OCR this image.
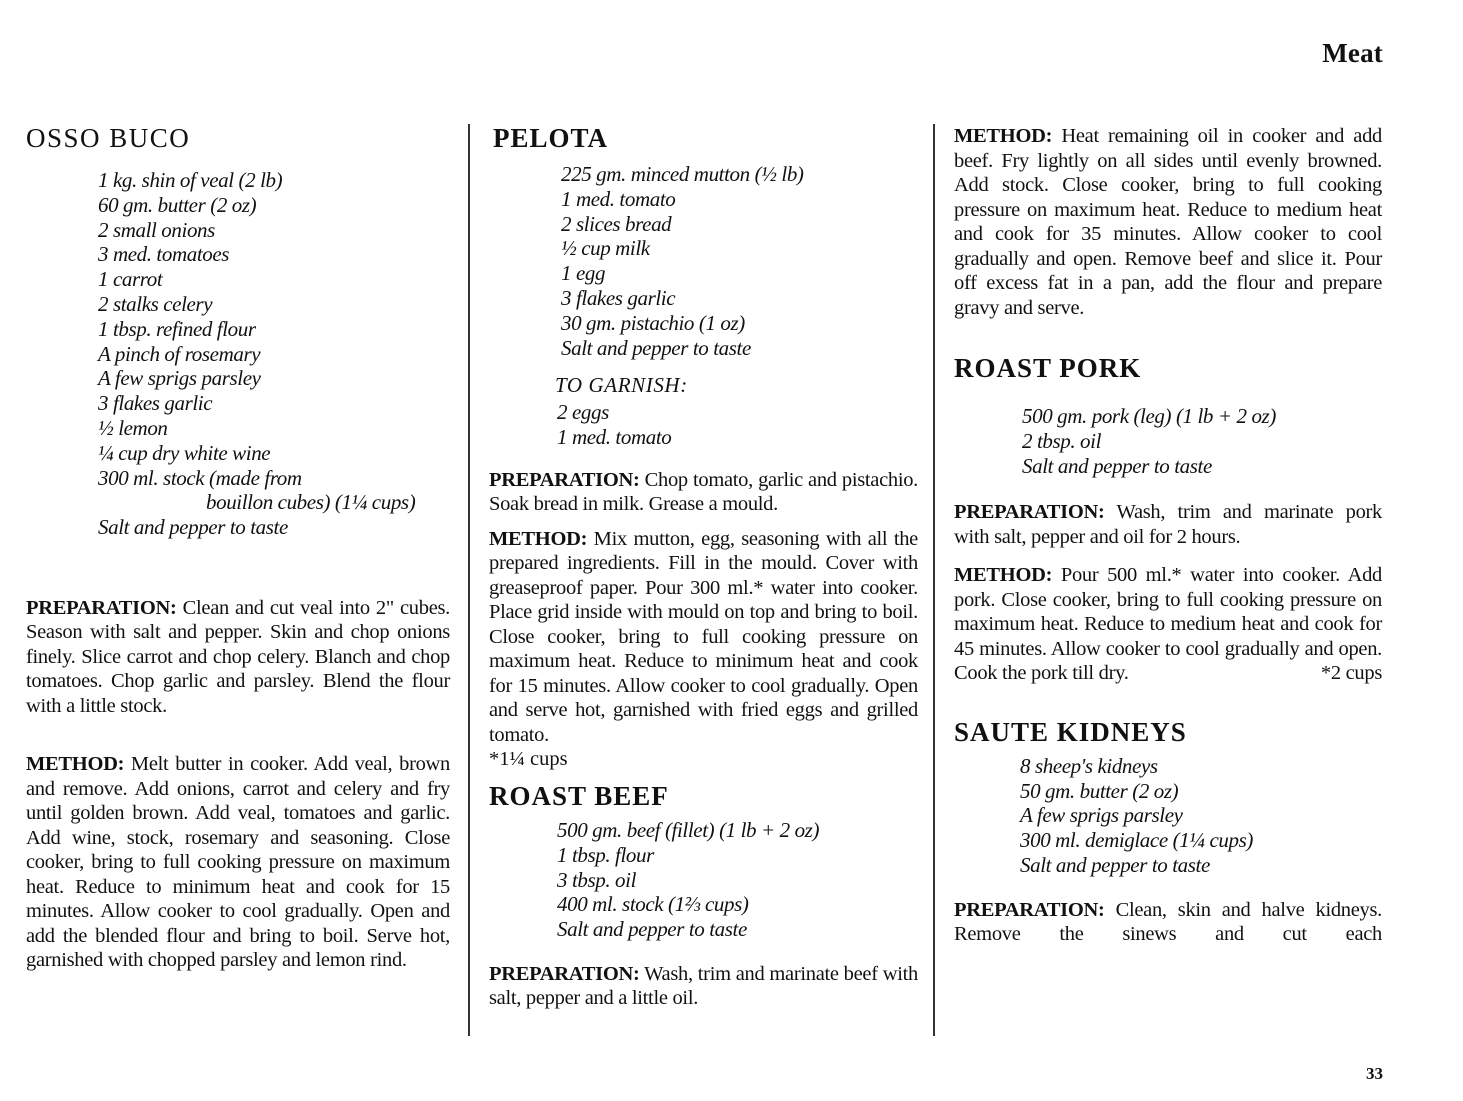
Meat
OSSO BUCO
1 kg. shin of veal (2 lb)
60 gm. butter (2 oz)
2 small onions
3 med. tomatoes
1 carrot
2 stalks celery
1 tbsp. refined flour
A pinch of rosemary
A few sprigs parsley
3 flakes garlic
½ lemon
¼ cup dry white wine
300 ml. stock (made from
bouillon cubes) (1¼ cups)
Salt and pepper to taste

PREPARATION: Clean and cut veal into 2" cubes. Season with salt and pepper. Skin and chop onions finely. Slice carrot and chop celery. Blanch and chop tomatoes. Chop garlic and parsley. Blend the flour with a little stock.

METHOD: Melt butter in cooker. Add veal, brown and remove. Add onions, carrot and celery and fry until golden brown. Add veal, tomatoes and garlic. Add wine, stock, rosemary and seasoning. Close cooker, bring to full cooking pressure on maximum heat. Reduce to minimum heat and cook for 15 minutes. Allow cooker to cool gradually. Open and add the blended flour and bring to boil. Serve hot, garnished with chopped parsley and lemon rind.

PELOTA
225 gm. minced mutton (½ lb)
1 med. tomato
2 slices bread
½ cup milk
1 egg
3 flakes garlic
30 gm. pistachio (1 oz)
Salt and pepper to taste
TO GARNISH:
2 eggs
1 med. tomato

PREPARATION: Chop tomato, garlic and pistachio. Soak bread in milk. Grease a mould.

METHOD: Mix mutton, egg, seasoning with all the prepared ingredients. Fill in the mould. Cover with greaseproof paper. Pour 300 ml.* water into cooker. Place grid inside with mould on top and bring to boil. Close cooker, bring to full cooking pressure on maximum heat. Reduce to minimum heat and cook for 15 minutes. Allow cooker to cool gradually. Open and serve hot, garnished with fried eggs and grilled tomato.

*1¼ cups
ROAST BEEF
500 gm. beef (fillet) (1 lb + 2 oz)
1 tbsp. flour
3 tbsp. oil
400 ml. stock (1⅔ cups)
Salt and pepper to taste

PREPARATION: Wash, trim and marinate beef with salt, pepper and a little oil.

METHOD: Heat remaining oil in cooker and add beef. Fry lightly on all sides until evenly browned. Add stock. Close cooker, bring to full cooking pressure on maximum heat. Reduce to medium heat and cook for 35 minutes. Allow cooker to cool gradually and open. Remove beef and slice it. Pour off excess fat in a pan, add the flour and prepare gravy and serve.

ROAST PORK
500 gm. pork (leg) (1 lb + 2 oz)
2 tbsp. oil
Salt and pepper to taste

PREPARATION: Wash, trim and marinate pork with salt, pepper and oil for 2 hours.

METHOD: Pour 500 ml.* water into cooker. Add pork. Close cooker, bring to full cooking pressure on maximum heat. Reduce to medium heat and cook for 45 minutes. Allow cooker to cool gradually and open. Cook the pork till dry.	*2 cups

SAUTE KIDNEYS
8 sheep's kidneys
50 gm. butter (2 oz)
A few sprigs parsley
300 ml. demiglace (1¼ cups)
Salt and pepper to taste

PREPARATION: Clean, skin and halve kidneys. Remove the sinews and cut each

33
